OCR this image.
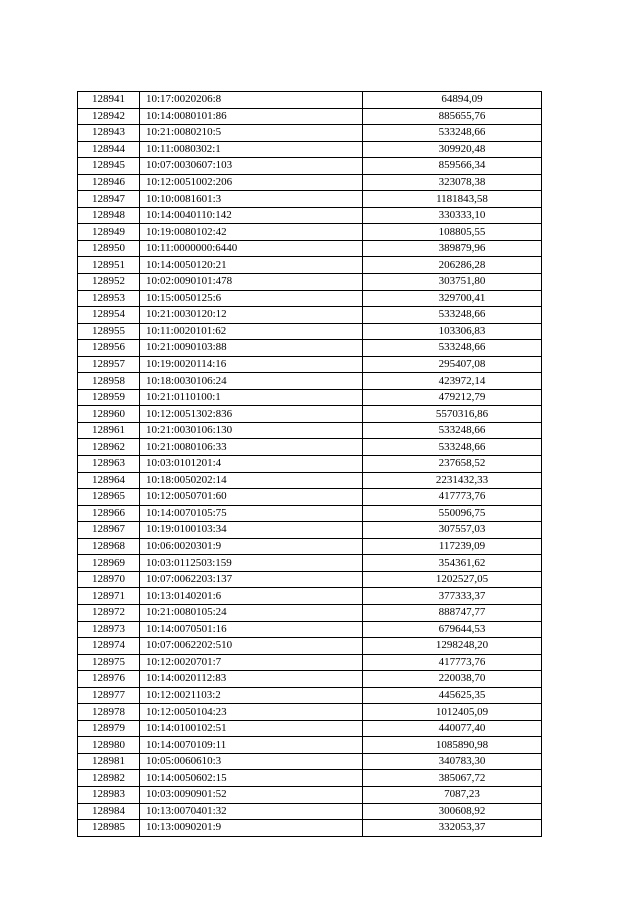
128941	10:17:0020206:8	64894,09
128942	10:14:0080101:86	885655,76
128943	10:21:0080210:5	533248,66
128944	10:11:0080302:1	309920,48
128945	10:07:0030607:103	859566,34
128946	10:12:0051002:206	323078,38
128947	10:10:0081601:3	1181843,58
128948	10:14:0040110:142	330333,10
128949	10:19:0080102:42	108805,55
128950	10:11:0000000:6440	389879,96
128951	10:14:0050120:21	206286,28
128952	10:02:0090101:478	303751,80
128953	10:15:0050125:6	329700,41
128954	10:21:0030120:12	533248,66
128955	10:11:0020101:62	103306,83
128956	10:21:0090103:88	533248,66
128957	10:19:0020114:16	295407,08
128958	10:18:0030106:24	423972,14
128959	10:21:0110100:1	479212,79
128960	10:12:0051302:836	5570316,86
128961	10:21:0030106:130	533248,66
128962	10:21:0080106:33	533248,66
128963	10:03:0101201:4	237658,52
128964	10:18:0050202:14	2231432,33
128965	10:12:0050701:60	417773,76
128966	10:14:0070105:75	550096,75
128967	10:19:0100103:34	307557,03
128968	10:06:0020301:9	117239,09
128969	10:03:0112503:159	354361,62
128970	10:07:0062203:137	1202527,05
128971	10:13:0140201:6	377333,37
128972	10:21:0080105:24	888747,77
128973	10:14:0070501:16	679644,53
128974	10:07:0062202:510	1298248,20
128975	10:12:0020701:7	417773,76
128976	10:14:0020112:83	220038,70
128977	10:12:0021103:2	445625,35
128978	10:12:0050104:23	1012405,09
128979	10:14:0100102:51	440077,40
128980	10:14:0070109:11	1085890,98
128981	10:05:0060610:3	340783,30
128982	10:14:0050602:15	385067,72
128983	10:03:0090901:52	7087,23
128984	10:13:0070401:32	300608,92
128985	10:13:0090201:9	332053,37
